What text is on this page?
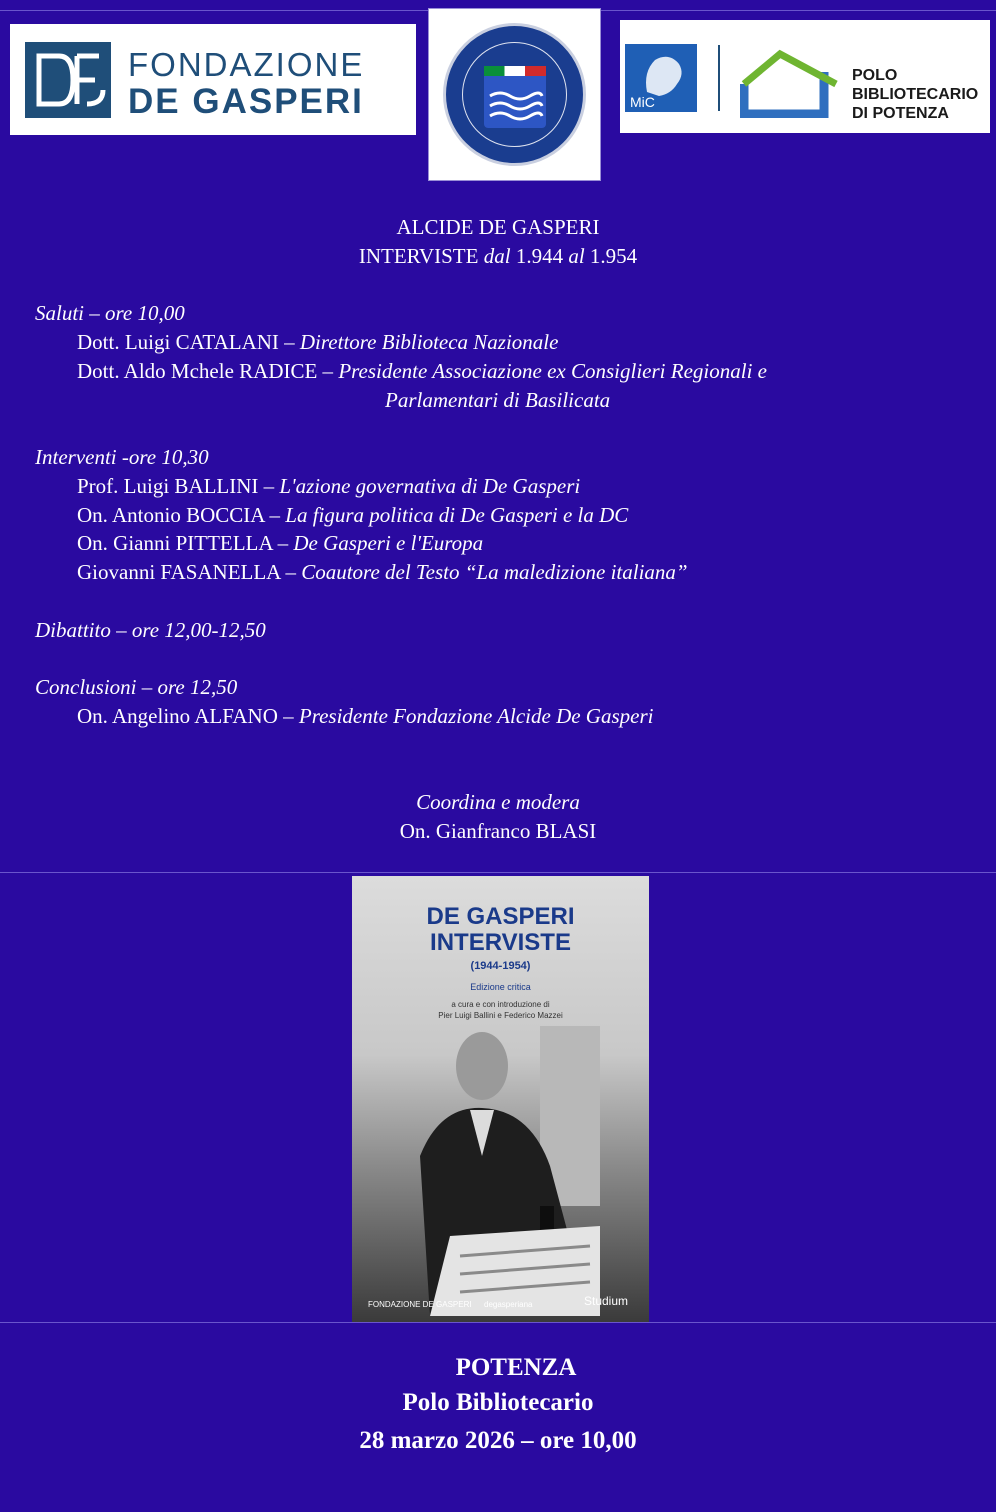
FONDAZIONE
DE GASPERI	MiC
POLO
BIBLIOTECARIO
DI POTENZA
ALCIDE DE GASPERI
INTERVISTE dal 1.944 al 1.954
Saluti – ore 10,00
Dott. Luigi CATALANI – Direttore Biblioteca Nazionale
Dott. Aldo Mchele RADICE – Presidente Associazione ex Consiglieri Regionali e
Parlamentari di Basilicata
Interventi -ore 10,30
Prof. Luigi BALLINI – L'azione governativa di De Gasperi
On. Antonio BOCCIA – La figura politica di De Gasperi e la DC
On. Gianni PITTELLA – De Gasperi e l'Europa
Giovanni FASANELLA – Coautore del Testo “La maledizione italiana”
Dibattito – ore 12,00-12,50
Conclusioni – ore 12,50
On. Angelino ALFANO – Presidente Fondazione Alcide De Gasperi
Coordina e modera
On. Gianfranco BLASI
DE GASPERI
INTERVISTE
(1944-1954)
Edizione critica
a cura e con introduzione di
Pier Luigi Ballini e Federico Mazzei
FONDAZIONE DE GASPERI degasperiana	Studium
POTENZA
Polo Bibliotecario
28 marzo 2026 – ore 10,00
